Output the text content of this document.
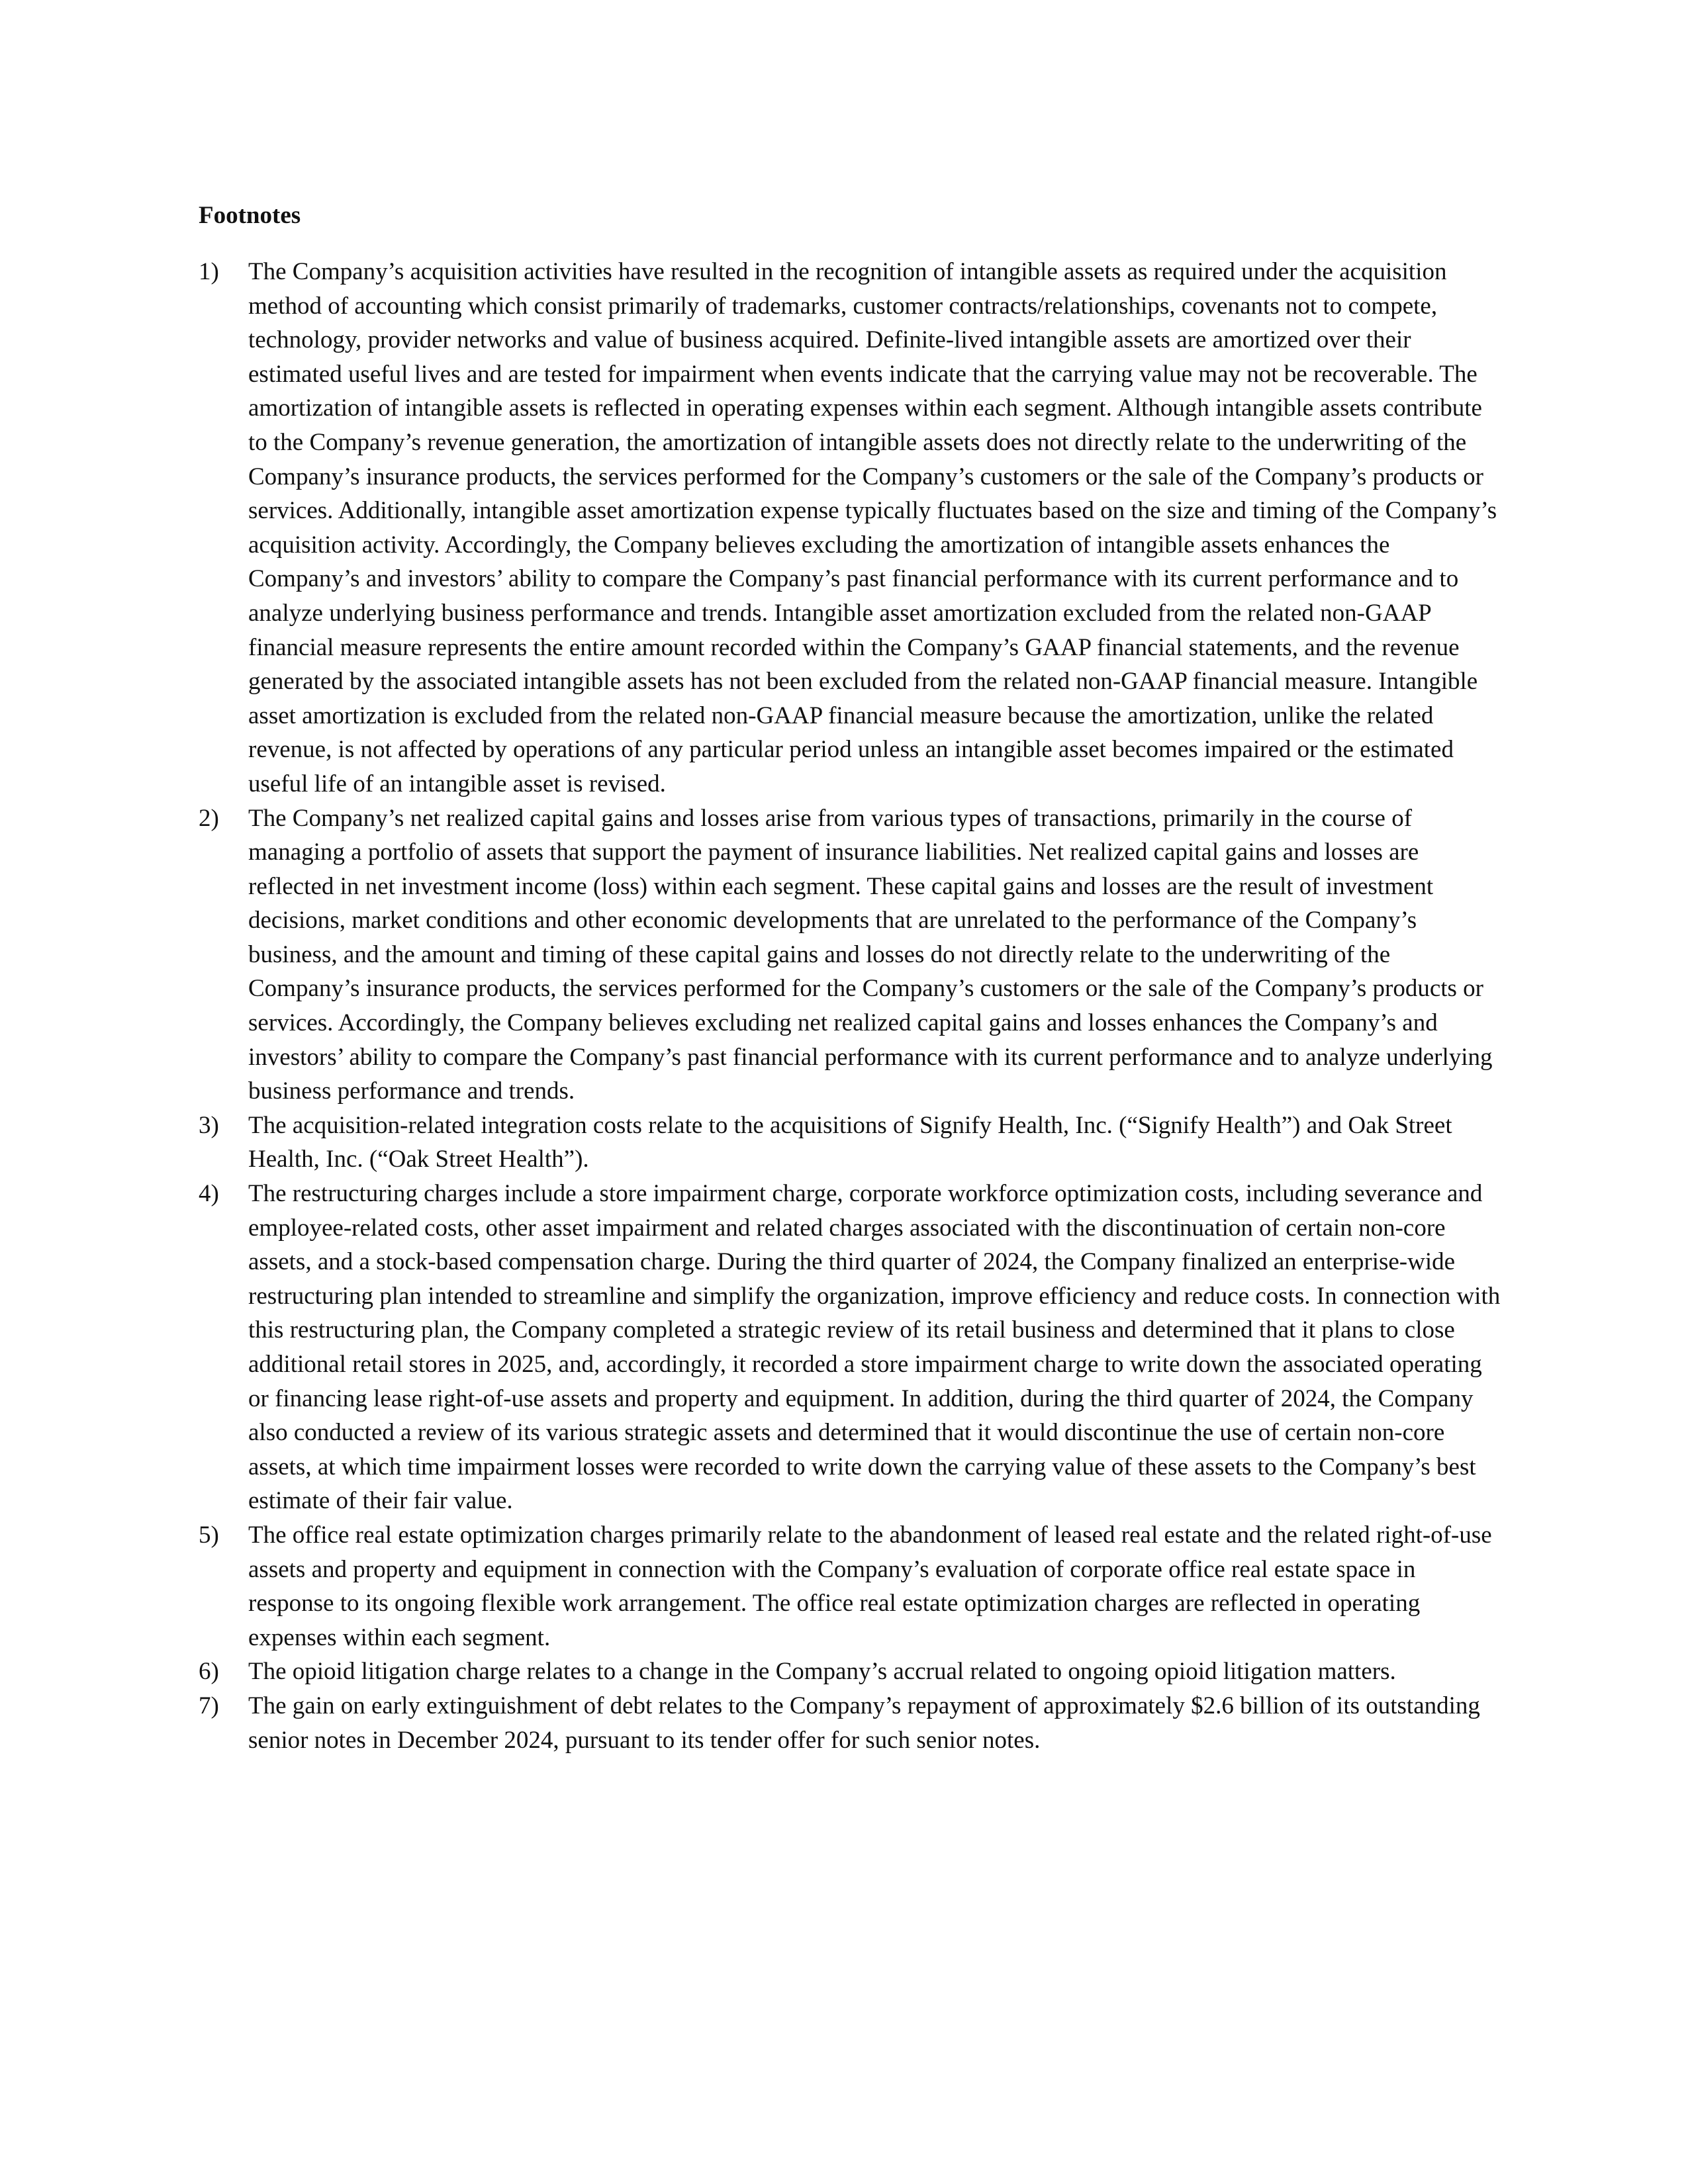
Footnotes
1) The Company’s acquisition activities have resulted in the recognition of intangible assets as required under the acquisition method of accounting which consist primarily of trademarks, customer contracts/relationships, covenants not to compete, technology, provider networks and value of business acquired. Definite-lived intangible assets are amortized over their estimated useful lives and are tested for impairment when events indicate that the carrying value may not be recoverable. The amortization of intangible assets is reflected in operating expenses within each segment. Although intangible assets contribute to the Company’s revenue generation, the amortization of intangible assets does not directly relate to the underwriting of the Company’s insurance products, the services performed for the Company’s customers or the sale of the Company’s products or services. Additionally, intangible asset amortization expense typically fluctuates based on the size and timing of the Company’s acquisition activity. Accordingly, the Company believes excluding the amortization of intangible assets enhances the Company’s and investors’ ability to compare the Company’s past financial performance with its current performance and to analyze underlying business performance and trends. Intangible asset amortization excluded from the related non-GAAP financial measure represents the entire amount recorded within the Company’s GAAP financial statements, and the revenue generated by the associated intangible assets has not been excluded from the related non-GAAP financial measure. Intangible asset amortization is excluded from the related non-GAAP financial measure because the amortization, unlike the related revenue, is not affected by operations of any particular period unless an intangible asset becomes impaired or the estimated useful life of an intangible asset is revised.
2) The Company’s net realized capital gains and losses arise from various types of transactions, primarily in the course of managing a portfolio of assets that support the payment of insurance liabilities. Net realized capital gains and losses are reflected in net investment income (loss) within each segment. These capital gains and losses are the result of investment decisions, market conditions and other economic developments that are unrelated to the performance of the Company’s business, and the amount and timing of these capital gains and losses do not directly relate to the underwriting of the Company’s insurance products, the services performed for the Company’s customers or the sale of the Company’s products or services. Accordingly, the Company believes excluding net realized capital gains and losses enhances the Company’s and investors’ ability to compare the Company’s past financial performance with its current performance and to analyze underlying business performance and trends.
3) The acquisition-related integration costs relate to the acquisitions of Signify Health, Inc. (“Signify Health”) and Oak Street Health, Inc. (“Oak Street Health”).
4) The restructuring charges include a store impairment charge, corporate workforce optimization costs, including severance and employee-related costs, other asset impairment and related charges associated with the discontinuation of certain non-core assets, and a stock-based compensation charge. During the third quarter of 2024, the Company finalized an enterprise-wide restructuring plan intended to streamline and simplify the organization, improve efficiency and reduce costs. In connection with this restructuring plan, the Company completed a strategic review of its retail business and determined that it plans to close additional retail stores in 2025, and, accordingly, it recorded a store impairment charge to write down the associated operating or financing lease right-of-use assets and property and equipment. In addition, during the third quarter of 2024, the Company also conducted a review of its various strategic assets and determined that it would discontinue the use of certain non-core assets, at which time impairment losses were recorded to write down the carrying value of these assets to the Company’s best estimate of their fair value.
5) The office real estate optimization charges primarily relate to the abandonment of leased real estate and the related right-of-use assets and property and equipment in connection with the Company’s evaluation of corporate office real estate space in response to its ongoing flexible work arrangement. The office real estate optimization charges are reflected in operating expenses within each segment.
6) The opioid litigation charge relates to a change in the Company’s accrual related to ongoing opioid litigation matters.
7) The gain on early extinguishment of debt relates to the Company’s repayment of approximately $2.6 billion of its outstanding senior notes in December 2024, pursuant to its tender offer for such senior notes.
